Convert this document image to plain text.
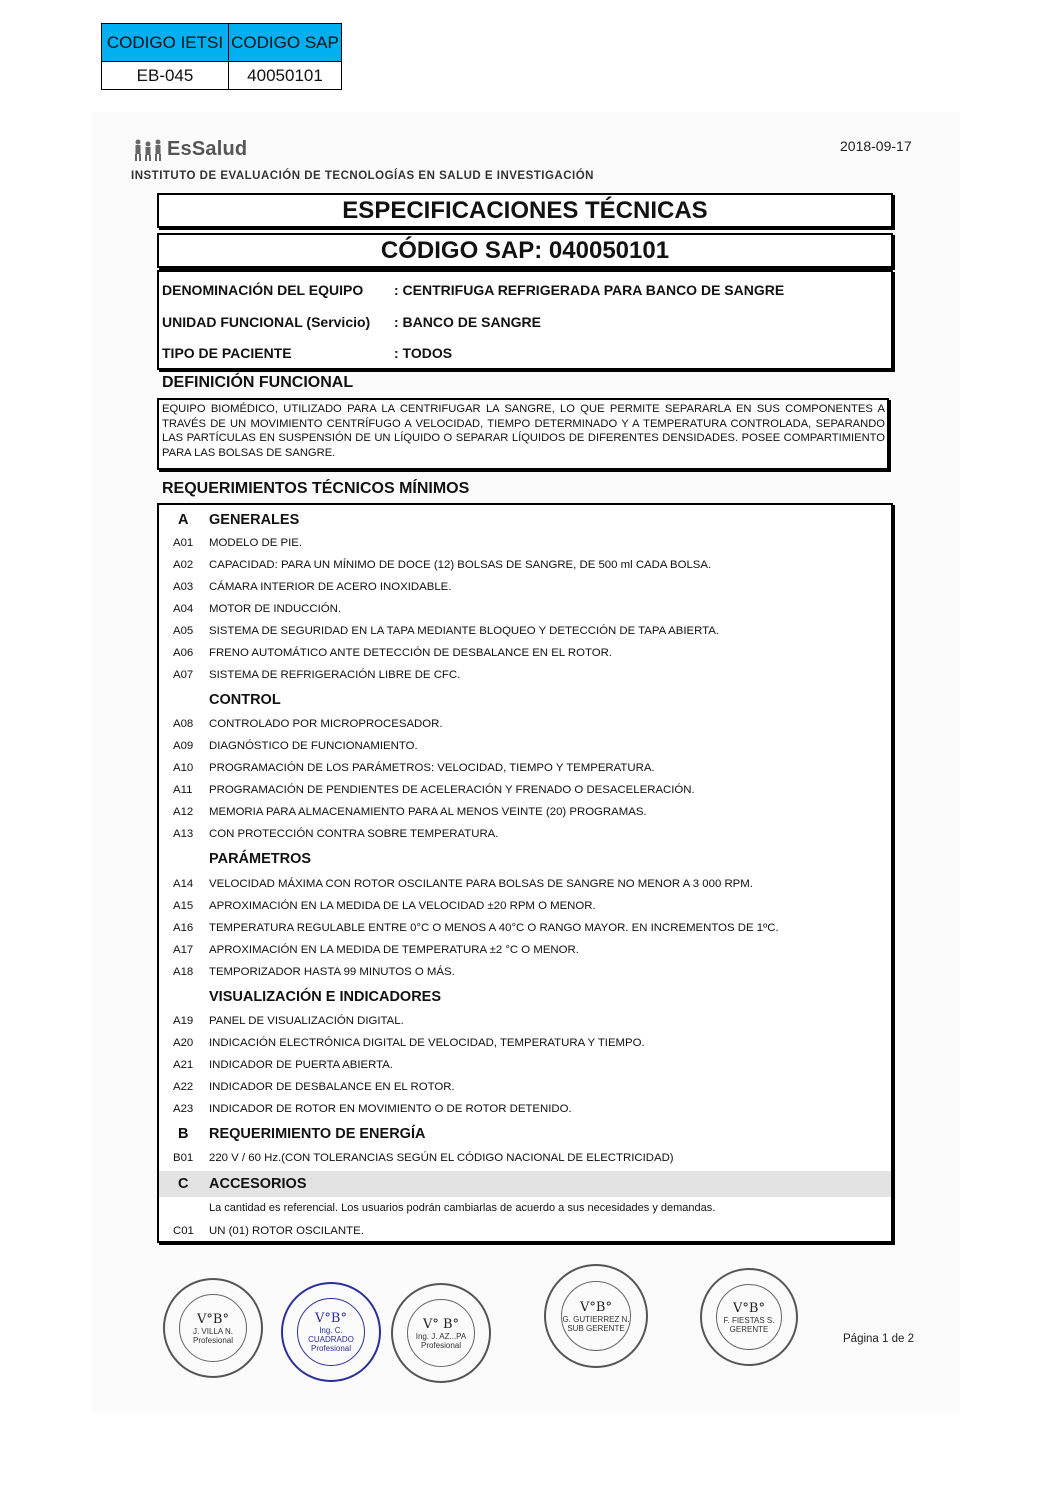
CODIGO IETSI	CODIGO SAP
EB-045	40050101
EsSalud
INSTITUTO DE EVALUACIÓN DE TECNOLOGÍAS EN SALUD E INVESTIGACIÓN
2018-09-17
ESPECIFICACIONES TÉCNICAS
CÓDIGO SAP: 040050101
DENOMINACIÓN DEL EQUIPO : CENTRIFUGA REFRIGERADA PARA BANCO DE SANGRE
UNIDAD FUNCIONAL (Servicio) : BANCO DE SANGRE
TIPO DE PACIENTE	: TODOS
DEFINICIÓN FUNCIONAL
EQUIPO BIOMÉDICO, UTILIZADO PARA LA CENTRIFUGAR LA SANGRE, LO QUE PERMITE SEPARARLA EN SUS COMPONENTES A TRAVÉS DE UN MOVIMIENTO CENTRÍFUGO A VELOCIDAD, TIEMPO DETERMINADO Y A TEMPERATURA CONTROLADA, SEPARANDO LAS PARTÍCULAS EN SUSPENSIÓN DE UN LÍQUIDO O SEPARAR LÍQUIDOS DE DIFERENTES DENSIDADES. POSEE COMPARTIMIENTO PARA LAS BOLSAS DE SANGRE.
REQUERIMIENTOS TÉCNICOS MÍNIMOS
A GENERALES
CONTROL
PARÁMETROS
VISUALIZACIÓN E INDICADORES
B REQUERIMIENTO DE ENERGÍA
C ACCESORIOS
La cantidad es referencial. Los usuarios podrán cambiarlas de acuerdo a sus necesidades y demandas.
A01 MODELO DE PIE.
A02 CAPACIDAD: PARA UN MÍNIMO DE DOCE (12) BOLSAS DE SANGRE, DE 500 ml CADA BOLSA.
A03 CÁMARA INTERIOR DE ACERO INOXIDABLE.
A04 MOTOR DE INDUCCIÓN.
A05 SISTEMA DE SEGURIDAD EN LA TAPA MEDIANTE BLOQUEO Y DETECCIÓN DE TAPA ABIERTA.
A06 FRENO AUTOMÁTICO ANTE DETECCIÓN DE DESBALANCE EN EL ROTOR.
A07 SISTEMA DE REFRIGERACIÓN LIBRE DE CFC.
A08 CONTROLADO POR MICROPROCESADOR.
A09 DIAGNÓSTICO DE FUNCIONAMIENTO.
A10 PROGRAMACIÓN DE LOS PARÁMETROS: VELOCIDAD, TIEMPO Y TEMPERATURA.
A11 PROGRAMACIÓN DE PENDIENTES DE ACELERACIÓN Y FRENADO O DESACELERACIÓN.
A12 MEMORIA PARA ALMACENAMIENTO PARA AL MENOS VEINTE (20) PROGRAMAS.
A13 CON PROTECCIÓN CONTRA SOBRE TEMPERATURA.
A14 VELOCIDAD MÁXIMA CON ROTOR OSCILANTE PARA BOLSAS DE SANGRE NO MENOR A 3 000 RPM.
A15 APROXIMACIÓN EN LA MEDIDA DE LA VELOCIDAD ±20 RPM O MENOR.
A16 TEMPERATURA REGULABLE ENTRE 0°C O MENOS A 40°C O RANGO MAYOR. EN INCREMENTOS DE 1ºC.
A17 APROXIMACIÓN EN LA MEDIDA DE TEMPERATURA ±2 °C O MENOR.
A18 TEMPORIZADOR HASTA 99 MINUTOS O MÁS.
A19 PANEL DE VISUALIZACIÓN DIGITAL.
A20 INDICACIÓN ELECTRÓNICA DIGITAL DE VELOCIDAD, TEMPERATURA Y TIEMPO.
A21 INDICADOR DE PUERTA ABIERTA.
A22 INDICADOR DE DESBALANCE EN EL ROTOR.
A23 INDICADOR DE ROTOR EN MOVIMIENTO O DE ROTOR DETENIDO.
B01 220 V / 60 Hz.(CON TOLERANCIAS SEGÚN EL CÓDIGO NACIONAL DE ELECTRICIDAD)
C01 UN (01) ROTOR OSCILANTE.
V°B°
J. VILLA N.
Profesional
V°B°
Ing. C. CUADRADO
Profesional
V° B°
Ing. J. AZ...PA
Profesional
V°B°
G. GUTIERREZ N.
SUB GERENTE
V°B°
F. FIESTAS S.
GERENTE
Página 1 de 2
